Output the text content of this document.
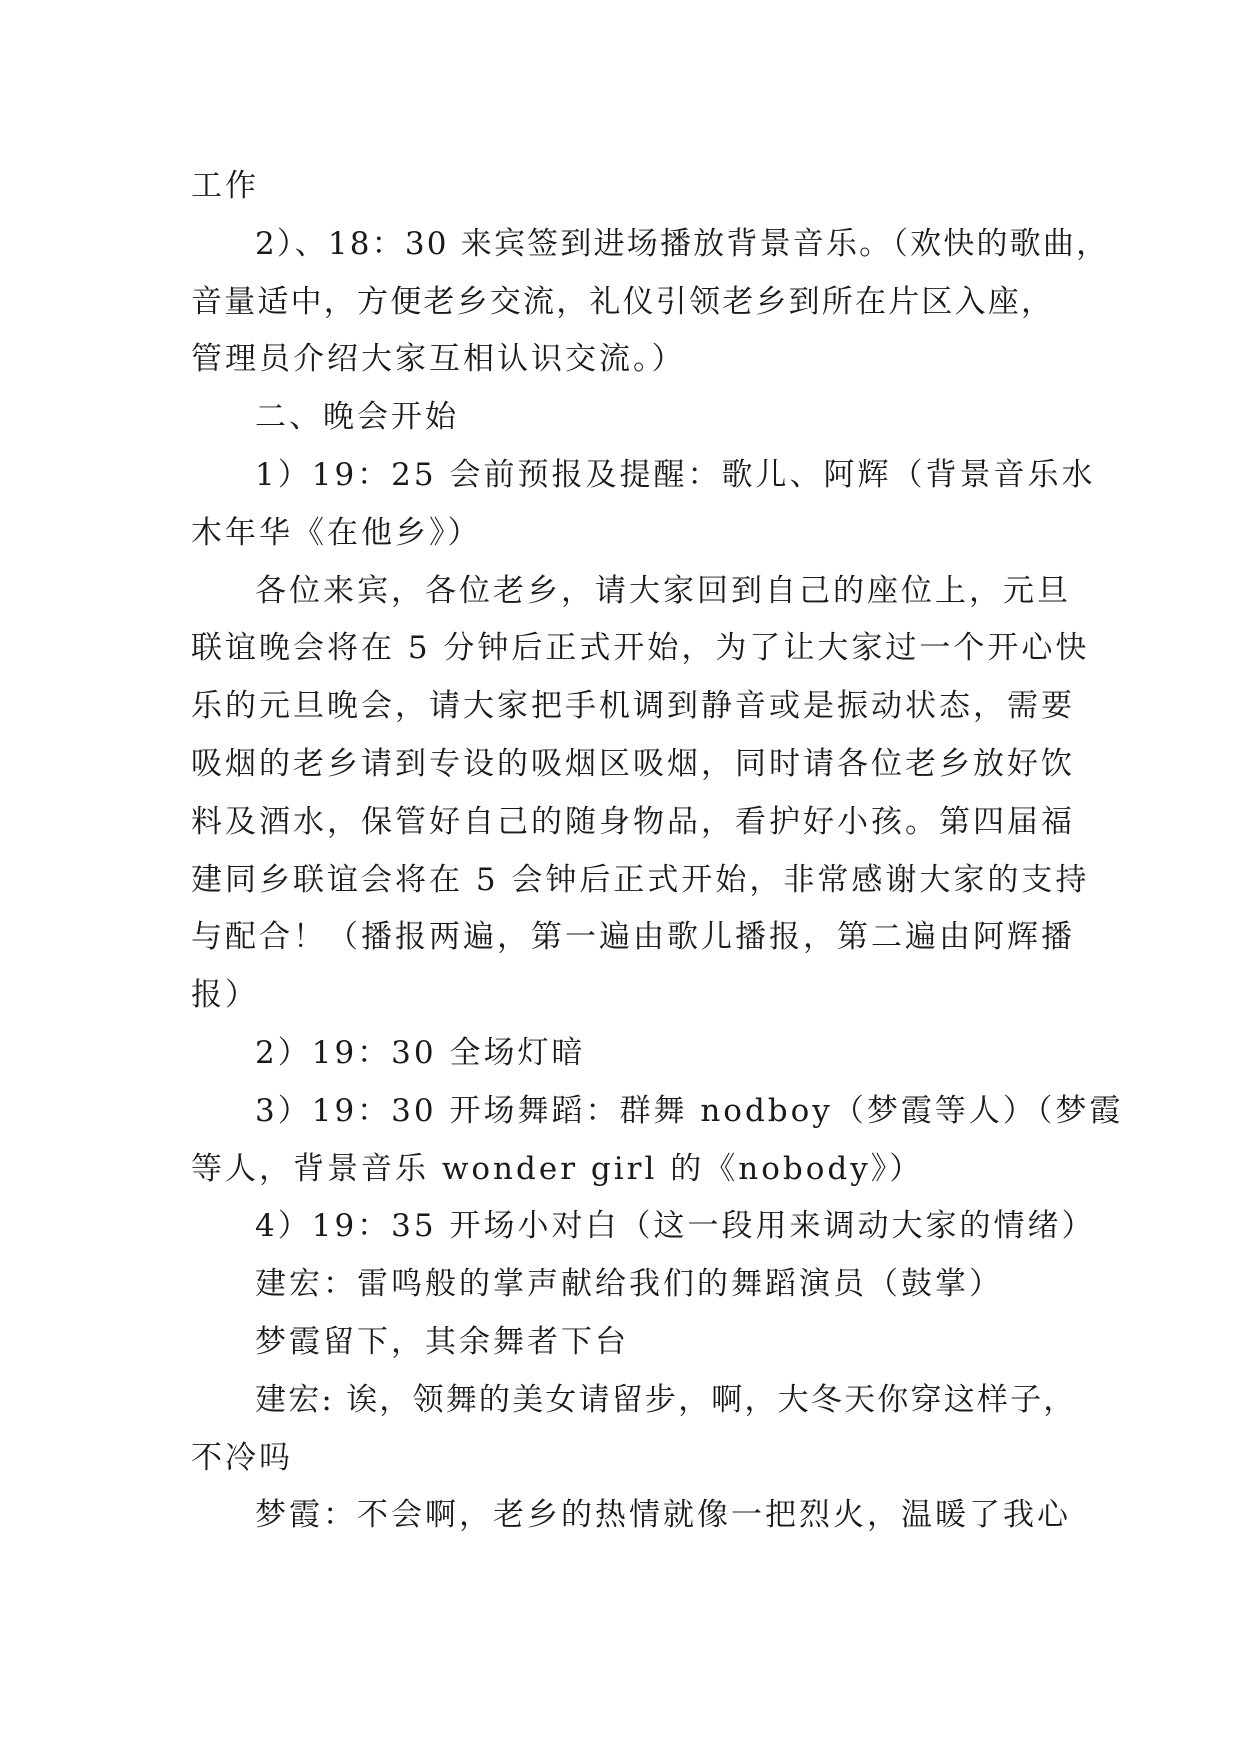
工作

2）、18：30 来宾签到进场播放背景音乐。（欢快的歌曲，
音量适中，方便老乡交流，礼仪引领老乡到所在片区入座，
管理员介绍大家互相认识交流。）

二、晚会开始

1）19：25 会前预报及提醒：歌儿、阿辉（背景音乐水
木年华《在他乡》）

各位来宾，各位老乡，请大家回到自己的座位上，元旦
联谊晚会将在 5 分钟后正式开始，为了让大家过一个开心快
乐的元旦晚会，请大家把手机调到静音或是振动状态，需要
吸烟的老乡请到专设的吸烟区吸烟，同时请各位老乡放好饮
料及酒水，保管好自己的随身物品，看护好小孩。第四届福
建同乡联谊会将在 5 会钟后正式开始，非常感谢大家的支持
与配合！（播报两遍，第一遍由歌儿播报，第二遍由阿辉播
报）

2）19：30 全场灯暗

3）19：30 开场舞蹈：群舞 nodboy（梦霞等人）（梦霞
等人，背景音乐 wonder girl 的《nobody》）

4）19：35 开场小对白（这一段用来调动大家的情绪）

建宏：雷鸣般的掌声献给我们的舞蹈演员（鼓掌）

梦霞留下，其余舞者下台

建宏: 诶，领舞的美女请留步，啊，大冬天你穿这样子，
不冷吗

梦霞：不会啊，老乡的热情就像一把烈火，温暖了我心
